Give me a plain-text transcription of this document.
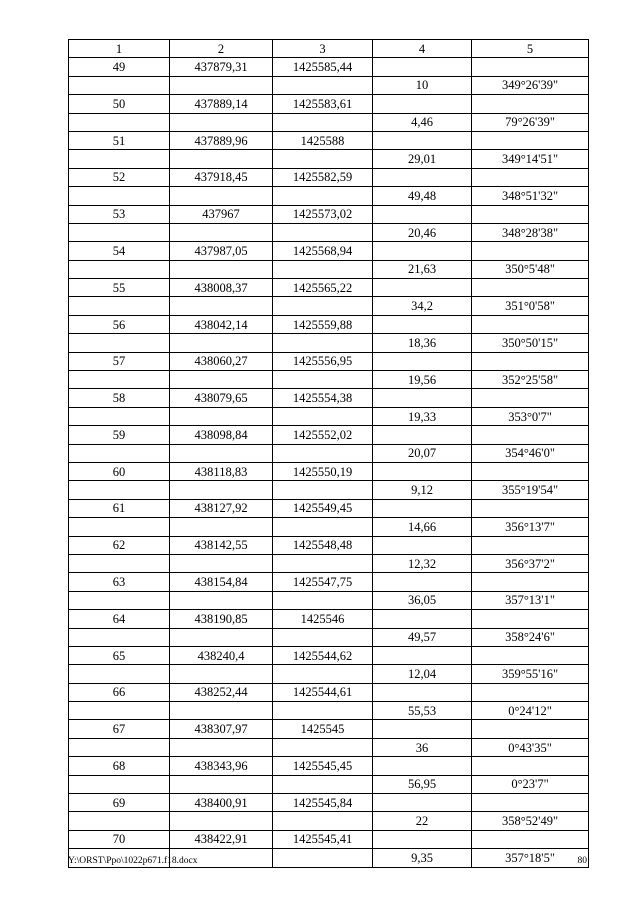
1	2	3	4	5
49	437879,31	1425585,44		
			10	349°26'39"
50	437889,14	1425583,61		
			4,46	79°26'39"
51	437889,96	1425588		
			29,01	349°14'51"
52	437918,45	1425582,59		
			49,48	348°51'32"
53	437967	1425573,02		
			20,46	348°28'38"
54	437987,05	1425568,94		
			21,63	350°5'48"
55	438008,37	1425565,22		
			34,2	351°0'58"
56	438042,14	1425559,88		
			18,36	350°50'15"
57	438060,27	1425556,95		
			19,56	352°25'58"
58	438079,65	1425554,38		
			19,33	353°0'7"
59	438098,84	1425552,02		
			20,07	354°46'0"
60	438118,83	1425550,19		
			9,12	355°19'54"
61	438127,92	1425549,45		
			14,66	356°13'7"
62	438142,55	1425548,48		
			12,32	356°37'2"
63	438154,84	1425547,75		
			36,05	357°13'1"
64	438190,85	1425546		
			49,57	358°24'6"
65	438240,4	1425544,62		
			12,04	359°55'16"
66	438252,44	1425544,61		
			55,53	0°24'12"
67	438307,97	1425545		
			36	0°43'35"
68	438343,96	1425545,45		
			56,95	0°23'7"
69	438400,91	1425545,84		
			22	358°52'49"
70	438422,91	1425545,41		
			9,35	357°18'5"
Y:\ORST\Ppo\1022p671.f18.docx	80
